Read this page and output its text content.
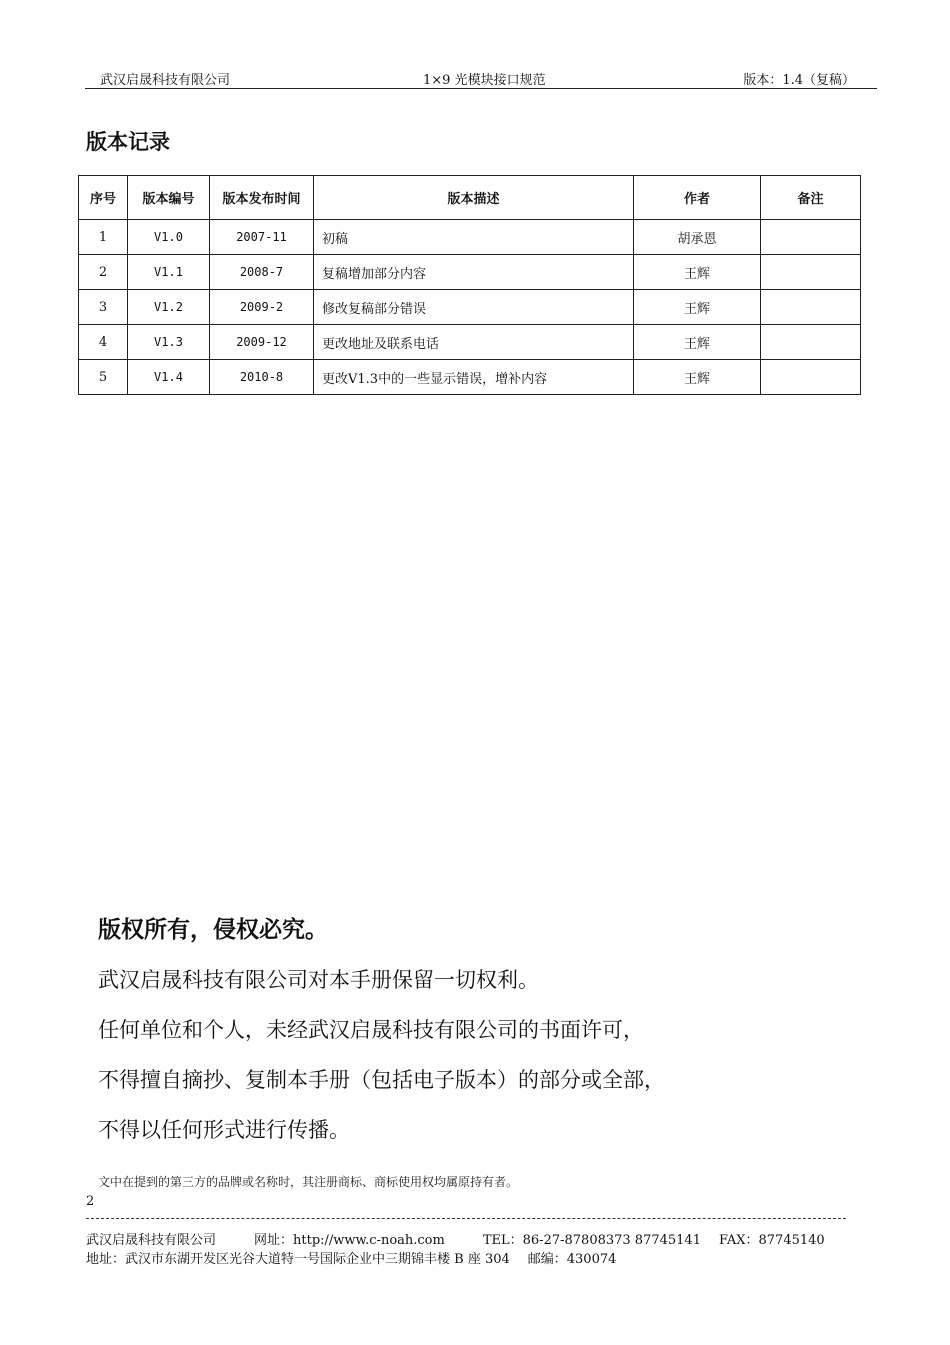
武汉启晟科技有限公司	1×9 光模块接口规范	版本：1.4（复稿）
版本记录
序号	版本编号	版本发布时间	版本描述	作者	备注
1	V1.0	2007-11	初稿	胡承恩	
2	V1.1	2008-7	复稿增加部分内容	王辉	
3	V1.2	2009-2	修改复稿部分错误	王辉	
4	V1.3	2009-12	更改地址及联系电话	王辉	
5	V1.4	2010-8	更改V1.3中的一些显示错误，增补内容	王辉	
版权所有，侵权必究。
武汉启晟科技有限公司对本手册保留一切权利。
任何单位和个人，未经武汉启晟科技有限公司的书面许可，
不得擅自摘抄、复制本手册（包括电子版本）的部分或全部，
不得以任何形式进行传播。
文中在提到的第三方的品牌或名称时，其注册商标、商标使用权均属原持有者。
2
武汉启晟科技有限公司	网址：http://www.c-noah.com	TEL：86-27-87808373 87745141 FAX：87745140
地址：武汉市东湖开发区光谷大道特一号国际企业中三期锦丰楼 B 座 304 邮编：430074
